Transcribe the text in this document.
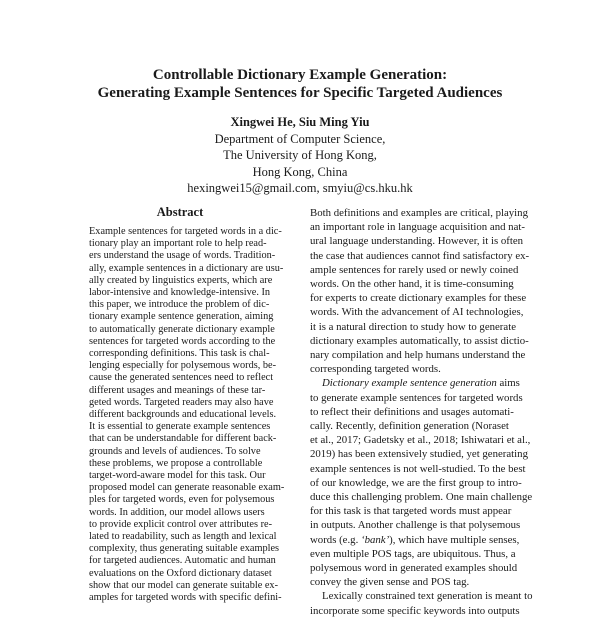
Controllable Dictionary Example Generation:
Generating Example Sentences for Specific Targeted Audiences
Xingwei He, Siu Ming Yiu
Department of Computer Science,
The University of Hong Kong,
Hong Kong, China
hexingwei15@gmail.com, smyiu@cs.hku.hk
Abstract
Example sentences for targeted words in a dic-
tionary play an important role to help read-
ers understand the usage of words. Tradition-
ally, example sentences in a dictionary are usu-
ally created by linguistics experts, which are
labor-intensive and knowledge-intensive. In
this paper, we introduce the problem of dic-
tionary example sentence generation, aiming
to automatically generate dictionary example
sentences for targeted words according to the
corresponding definitions. This task is chal-
lenging especially for polysemous words, be-
cause the generated sentences need to reflect
different usages and meanings of these tar-
geted words. Targeted readers may also have
different backgrounds and educational levels.
It is essential to generate example sentences
that can be understandable for different back-
grounds and levels of audiences. To solve
these problems, we propose a controllable
target-word-aware model for this task. Our
proposed model can generate reasonable exam-
ples for targeted words, even for polysemous
words. In addition, our model allows users
to provide explicit control over attributes re-
lated to readability, such as length and lexical
complexity, thus generating suitable examples
for targeted audiences. Automatic and human
evaluations on the Oxford dictionary dataset
show that our model can generate suitable ex-
amples for targeted words with specific defini-
Both definitions and examples are critical, playing
an important role in language acquisition and nat-
ural language understanding. However, it is often
the case that audiences cannot find satisfactory ex-
ample sentences for rarely used or newly coined
words. On the other hand, it is time-consuming
for experts to create dictionary examples for these
words. With the advancement of AI technologies,
it is a natural direction to study how to generate
dictionary examples automatically, to assist dictio-
nary compilation and help humans understand the
corresponding targeted words.
Dictionary example sentence generation aims
to generate example sentences for targeted words
to reflect their definitions and usages automati-
cally. Recently, definition generation (Noraset
et al., 2017; Gadetsky et al., 2018; Ishiwatari et al.,
2019) has been extensively studied, yet generating
example sentences is not well-studied. To the best
of our knowledge, we are the first group to intro-
duce this challenging problem. One main challenge
for this task is that targeted words must appear
in outputs. Another challenge is that polysemous
words (e.g. ‘bank’), which have multiple senses,
even multiple POS tags, are ubiquitous. Thus, a
polysemous word in generated examples should
convey the given sense and POS tag.
Lexically constrained text generation is meant to
incorporate some specific keywords into outputs
